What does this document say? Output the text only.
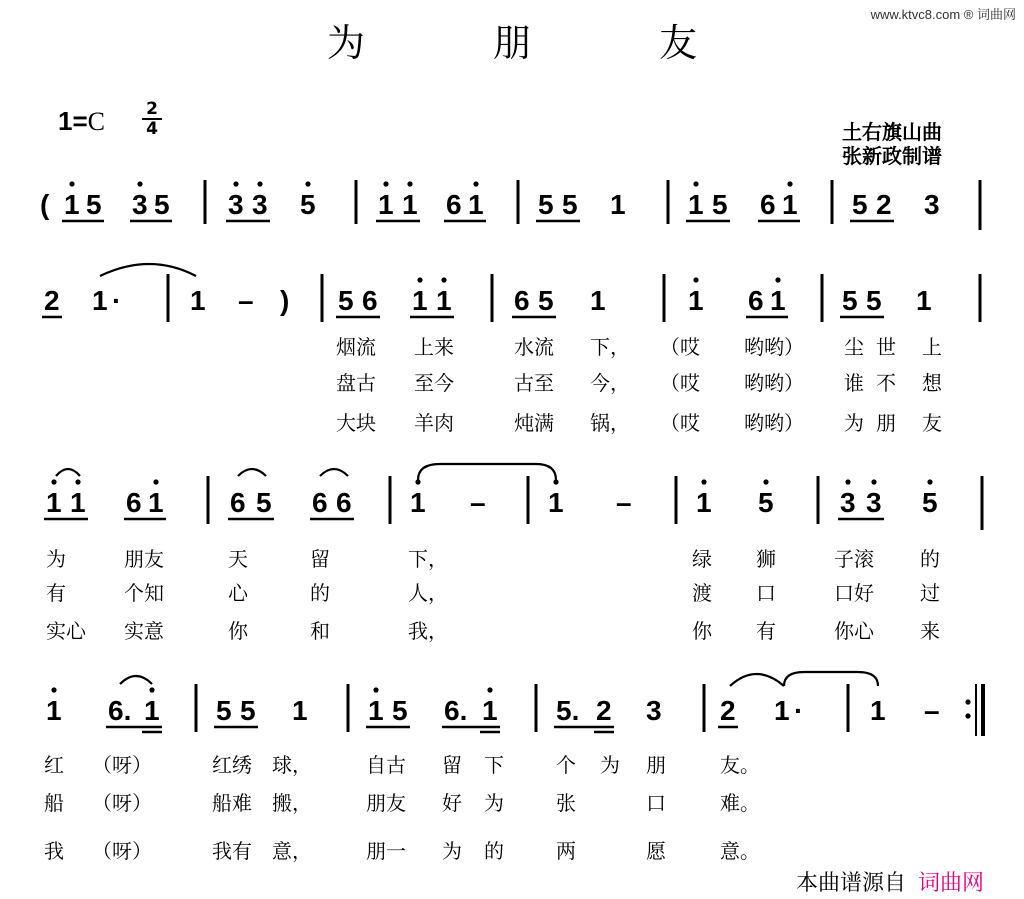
为 朋 友
www.ktvc8.com ® 词曲网
1=C 2
4	土右旗山曲
张新政制谱
( 1 5 3 5 3 3 5 1 1 6 1 5 5 1 1 5 6 1 5 2 3
2 1 · 1 – ) 5 6 1 1 6 5 1	1 6 1 5 5 1
烟流 上来	水流 下， （哎 哟哟） 尘 世 上
盘古 至今	古至 今， （哎 哟哟） 谁 不 想
大块 羊肉	炖满 锅， （哎 哟哟） 为 朋 友
1 1 6 1 6 5 6 6 1 – 1 – 1 5 3 3 5
为	朋友	天	留	下，	绿 狮	子滚 的
有	个知	心	的	人，	渡 口	口好 过
实心 实意	你	和	我，	你 有	你心 来
1 6. 1 5 5 1 1 5 6. 1 5. 2 3 2 1 · 1 –
红 （呀）	红绣 球，	自古 留 下	个 为 朋	友。
船 （呀）	船难 搬，	朋友 好 为	张	口	难。
我 （呀）	我有 意，	朋一 为 的	两	愿	意。
本曲谱源自 词曲网
